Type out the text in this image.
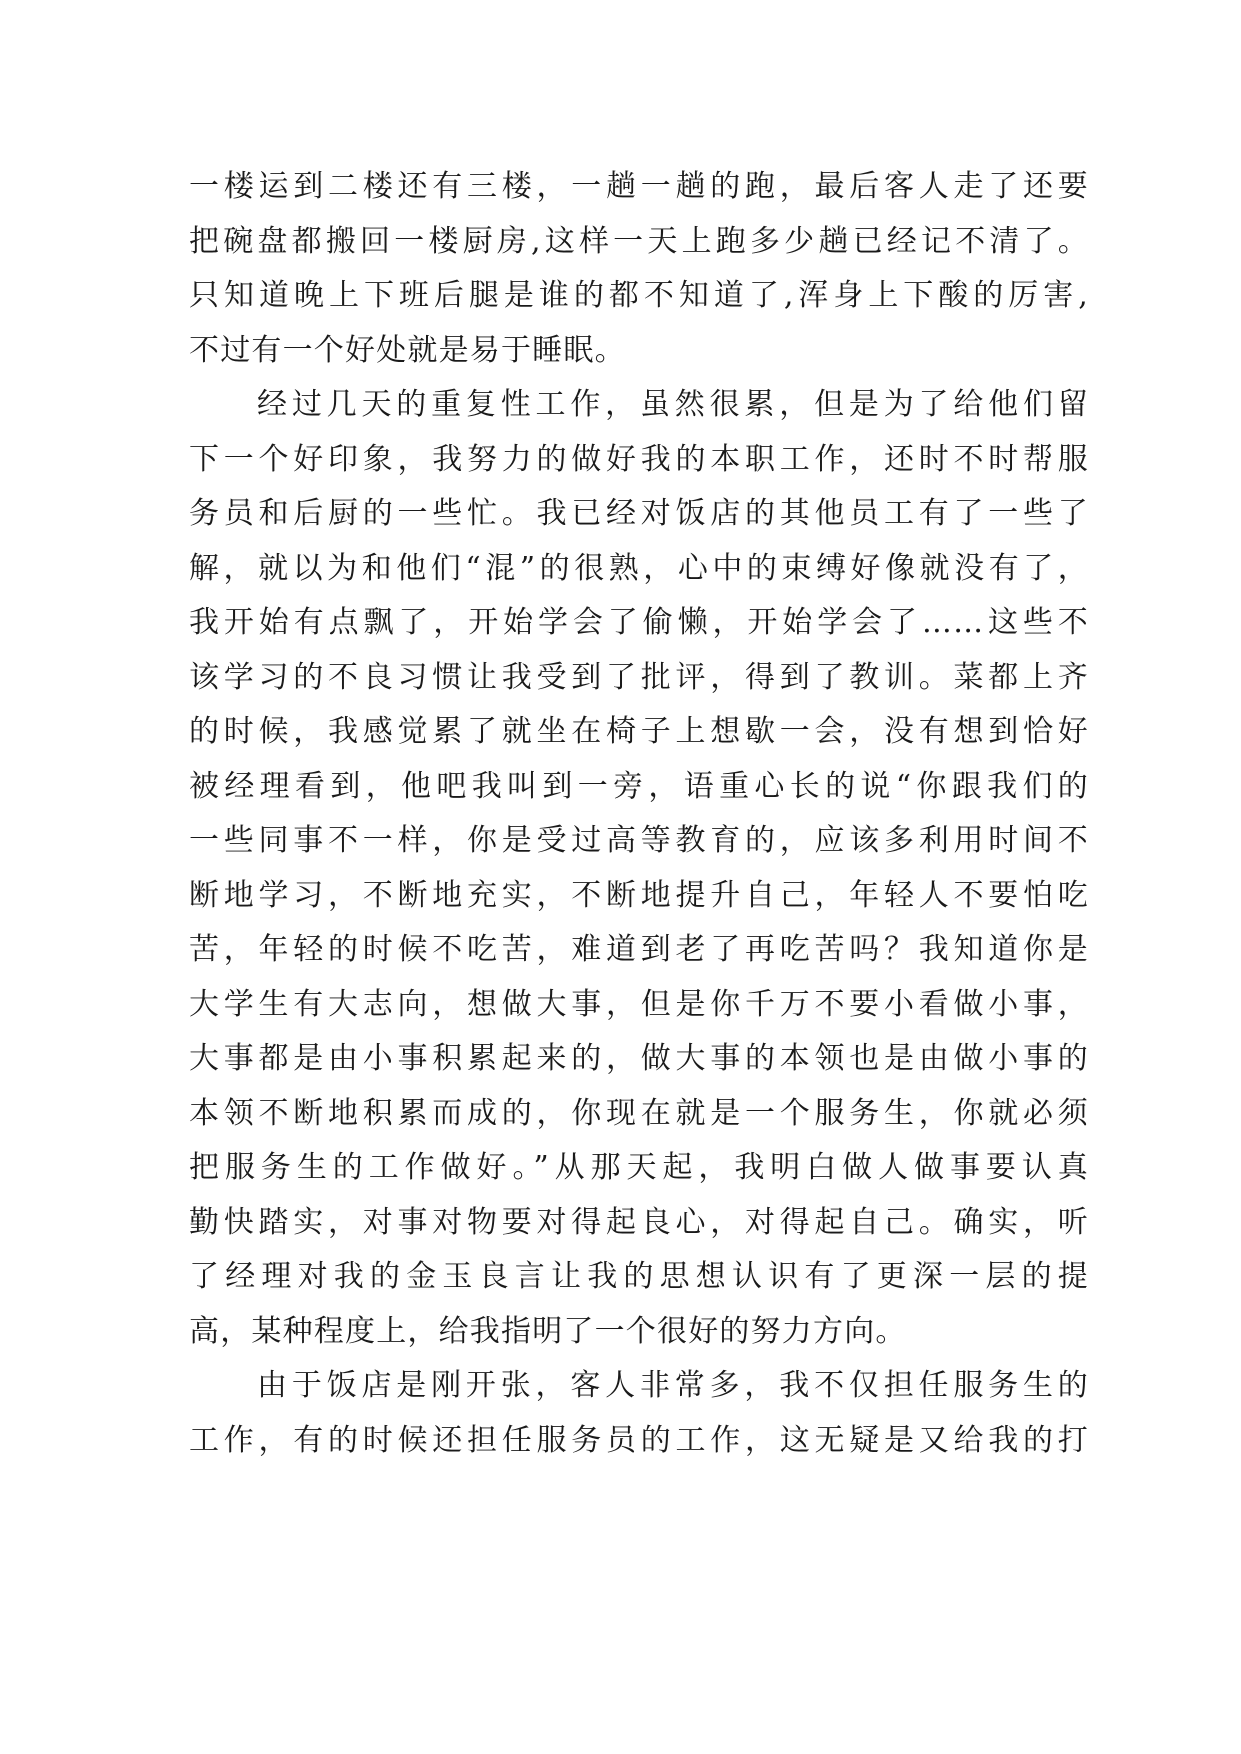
一楼运到二楼还有三楼，一趟一趟的跑，最后客人走了还要
把碗盘都搬回一楼厨房,这样一天上跑多少趟已经记不清了。
只知道晚上下班后腿是谁的都不知道了,浑身上下酸的厉害,
不过有一个好处就是易于睡眠。
经过几天的重复性工作，虽然很累，但是为了给他们留
下一个好印象，我努力的做好我的本职工作，还时不时帮服
务员和后厨的一些忙。我已经对饭店的其他员工有了一些了
解，就以为和他们“混”的很熟，心中的束缚好像就没有了，
我开始有点飘了，开始学会了偷懒，开始学会了……这些不
该学习的不良习惯让我受到了批评，得到了教训。菜都上齐
的时候，我感觉累了就坐在椅子上想歇一会，没有想到恰好
被经理看到，他吧我叫到一旁，语重心长的说“你跟我们的
一些同事不一样，你是受过高等教育的，应该多利用时间不
断地学习，不断地充实，不断地提升自己，年轻人不要怕吃
苦，年轻的时候不吃苦，难道到老了再吃苦吗？我知道你是
大学生有大志向，想做大事，但是你千万不要小看做小事，
大事都是由小事积累起来的，做大事的本领也是由做小事的
本领不断地积累而成的，你现在就是一个服务生，你就必须
把服务生的工作做好。”从那天起，我明白做人做事要认真
勤快踏实，对事对物要对得起良心，对得起自己。确实，听
了经理对我的金玉良言让我的思想认识有了更深一层的提
高，某种程度上，给我指明了一个很好的努力方向。
由于饭店是刚开张，客人非常多，我不仅担任服务生的
工作，有的时候还担任服务员的工作，这无疑是又给我的打
